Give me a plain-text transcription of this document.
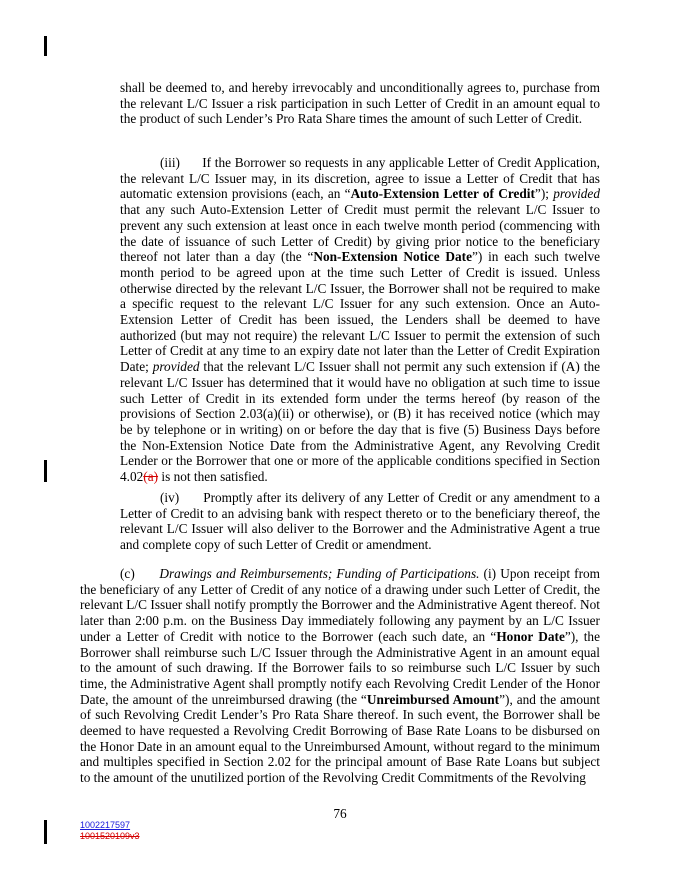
shall be deemed to, and hereby irrevocably and unconditionally agrees to, purchase from the relevant L/C Issuer a risk participation in such Letter of Credit in an amount equal to the product of such Lender’s Pro Rata Share times the amount of such Letter of Credit.

(iii) If the Borrower so requests in any applicable Letter of Credit Application, the relevant L/C Issuer may, in its discretion, agree to issue a Letter of Credit that has automatic extension provisions (each, an “Auto-Extension Letter of Credit”); provided that any such Auto-Extension Letter of Credit must permit the relevant L/C Issuer to prevent any such extension at least once in each twelve month period (commencing with the date of issuance of such Letter of Credit) by giving prior notice to the beneficiary thereof not later than a day (the “Non-Extension Notice Date”) in each such twelve month period to be agreed upon at the time such Letter of Credit is issued. Unless otherwise directed by the relevant L/C Issuer, the Borrower shall not be required to make a specific request to the relevant L/C Issuer for any such extension. Once an Auto-Extension Letter of Credit has been issued, the Lenders shall be deemed to have authorized (but may not require) the relevant L/C Issuer to permit the extension of such Letter of Credit at any time to an expiry date not later than the Letter of Credit Expiration Date; provided that the relevant L/C Issuer shall not permit any such extension if (A) the relevant L/C Issuer has determined that it would have no obligation at such time to issue such Letter of Credit in its extended form under the terms hereof (by reason of the provisions of Section 2.03(a)(ii) or otherwise), or (B) it has received notice (which may be by telephone or in writing) on or before the day that is five (5) Business Days before the Non-Extension Notice Date from the Administrative Agent, any Revolving Credit Lender or the Borrower that one or more of the applicable conditions specified in Section 4.02(a) is not then satisfied.

(iv) Promptly after its delivery of any Letter of Credit or any amendment to a Letter of Credit to an advising bank with respect thereto or to the beneficiary thereof, the relevant L/C Issuer will also deliver to the Borrower and the Administrative Agent a true and complete copy of such Letter of Credit or amendment.

(c) Drawings and Reimbursements; Funding of Participations. (i) Upon receipt from the beneficiary of any Letter of Credit of any notice of a drawing under such Letter of Credit, the relevant L/C Issuer shall notify promptly the Borrower and the Administrative Agent thereof. Not later than 2:00 p.m. on the Business Day immediately following any payment by an L/C Issuer under a Letter of Credit with notice to the Borrower (each such date, an “Honor Date”), the Borrower shall reimburse such L/C Issuer through the Administrative Agent in an amount equal to the amount of such drawing. If the Borrower fails to so reimburse such L/C Issuer by such time, the Administrative Agent shall promptly notify each Revolving Credit Lender of the Honor Date, the amount of the unreimbursed drawing (the “Unreimbursed Amount”), and the amount of such Revolving Credit Lender’s Pro Rata Share thereof. In such event, the Borrower shall be deemed to have requested a Revolving Credit Borrowing of Base Rate Loans to be disbursed on the Honor Date in an amount equal to the Unreimbursed Amount, without regard to the minimum and multiples specified in Section 2.02 for the principal amount of Base Rate Loans but subject to the amount of the unutilized portion of the Revolving Credit Commitments of the Revolving

76
1002217597
1001520109v3
